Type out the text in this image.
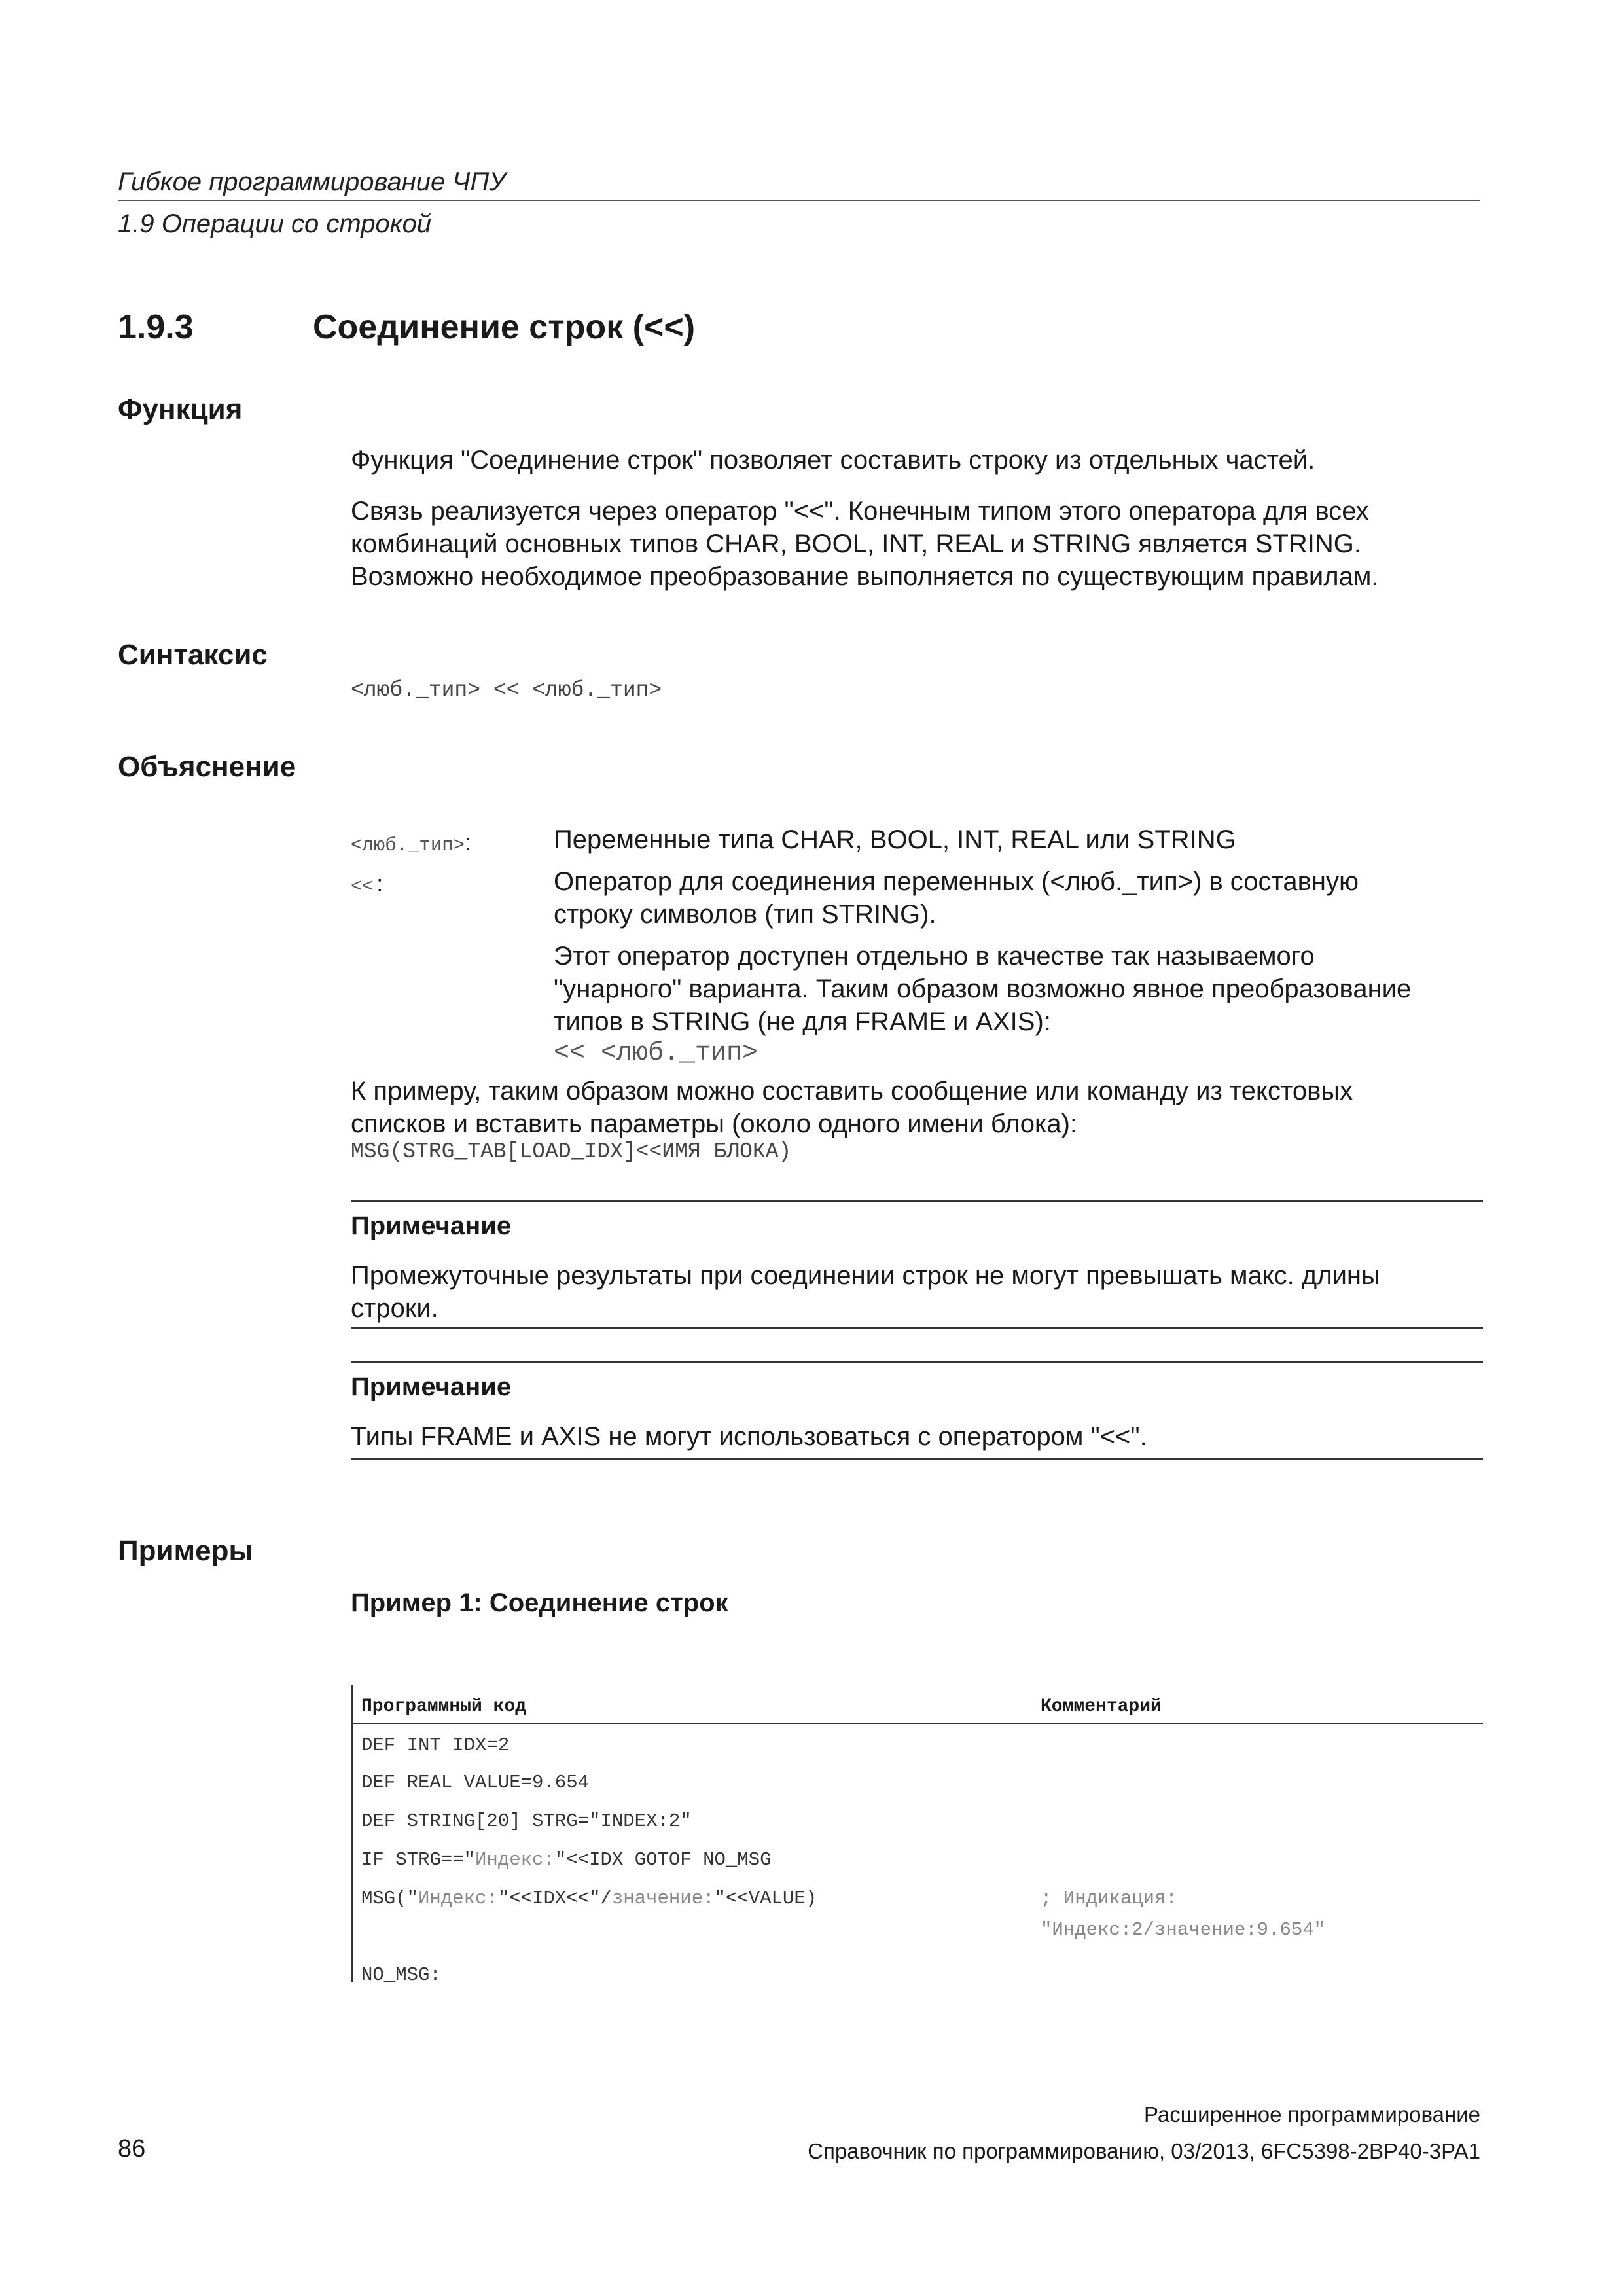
Гибкое программирование ЧПУ
1.9 Операции со строкой
1.9.3	Соединение строк (<<)
Функция
Функция "Соединение строк" позволяет составить строку из отдельных частей.
Связь реализуется через оператор "<<". Конечным типом этого оператора для всех
комбинаций основных типов CHAR, BOOL, INT, REAL и STRING является STRING.
Возможно необходимое преобразование выполняется по существующим правилам.
Синтаксис
<люб._тип> << <люб._тип>
Объяснение
<люб._тип>:	Переменные типа CHAR, BOOL, INT, REAL или STRING
<< :	Оператор для соединения переменных (<люб._тип>) в составную
строку символов (тип STRING).
Этот оператор доступен отдельно в качестве так называемого
"унарного" варианта. Таким образом возможно явное преобразование
типов в STRING (не для FRAME и AXIS):
<< <люб._тип>
К примеру, таким образом можно составить сообщение или команду из текстовых
списков и вставить параметры (около одного имени блока):
MSG(STRG_TAB[LOAD_IDX]<<ИМЯ БЛОКА)
Примечание
Промежуточные результаты при соединении строк не могут превышать макс. длины
строки.
Примечание
Типы FRAME и AXIS не могут использоваться с оператором "<<".
Примеры
Пример 1: Соединение строк
Программный код	Комментарий
DEF INT IDX=2
DEF REAL VALUE=9.654
DEF STRING[20] STRG="INDEX:2"
IF STRG=="Индекс:"<<IDX GOTOF NO_MSG
MSG("Индекс:"<<IDX<<"/значение:"<<VALUE)	; Индикация:
"Индекс:2/значение:9.654"
NO_MSG:
Расширенное программирование
86	Справочник по программированию, 03/2013, 6FC5398-2BP40-3PA1
